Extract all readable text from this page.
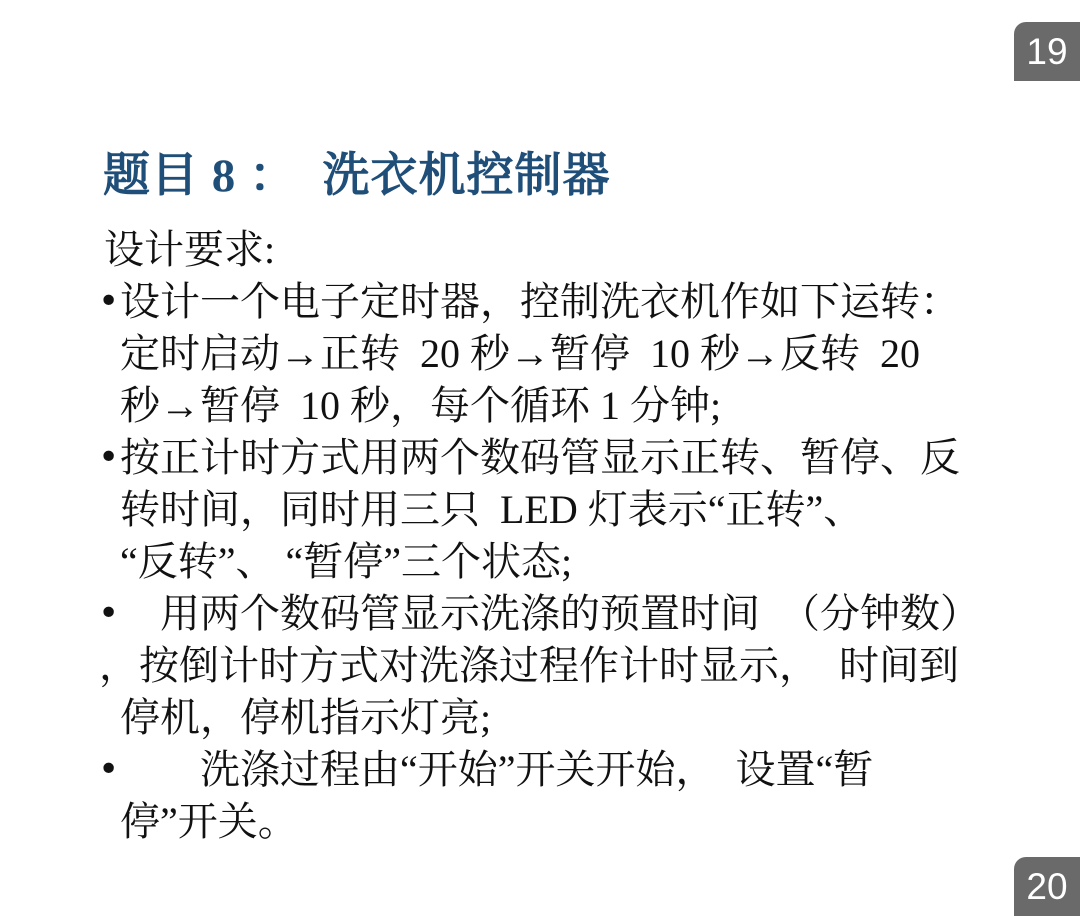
19
题目 8 ：  洗衣机控制器
设计要求:
• 设计一个电子定时器，控制洗衣机作如下运转：
定时启动→正转  20 秒→暂停  10 秒→反转  20
秒→暂停  10 秒，每个循环 1 分钟;
• 按正计时方式用两个数码管显示正转、暂停、反
转时间，同时用三只  LED 灯表示“正转”、
“反转”、 “暂停”三个状态;
• 　用两个数码管显示洗涤的预置时间　（分钟数）
，按倒计时方式对洗涤过程作计时显示，　时间到
停机，停机指示灯亮;
• 　　洗涤过程由“开始”开关开始，　设置“暂
停”开关。
20
